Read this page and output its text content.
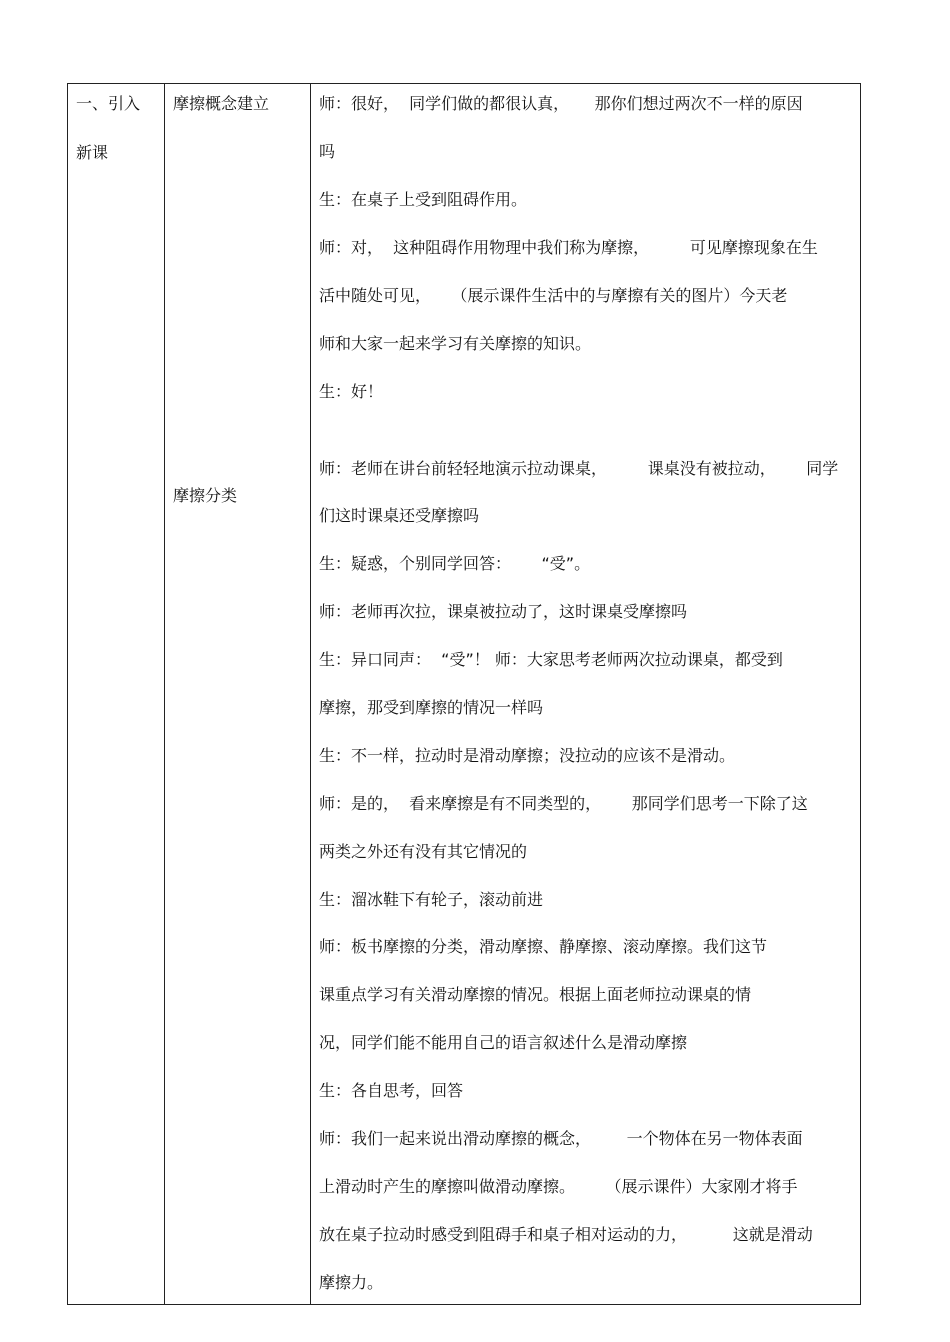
一、引入
新课
摩擦概念建立
摩擦分类
师：很好，  同学们做的都很认真，     那你们想过两次不一样的原因
吗
生：在桌子上受到阻碍作用。
师：对，  这种阻碍作用物理中我们称为摩擦，        可见摩擦现象在生
活中随处可见，    （展示课件生活中的与摩擦有关的图片）今天老
师和大家一起来学习有关摩擦的知识。
生：好！
师：老师在讲台前轻轻地演示拉动课桌，        课桌没有被拉动，      同学
们这时课桌还受摩擦吗
生：疑惑，个别同学回答：      “受”。
师：老师再次拉，课桌被拉动了，这时课桌受摩擦吗
生：异口同声：  “受”！ 师：大家思考老师两次拉动课桌，都受到
摩擦，那受到摩擦的情况一样吗
生：不一样，拉动时是滑动摩擦；没拉动的应该不是滑动。
师：是的，  看来摩擦是有不同类型的，      那同学们思考一下除了这
两类之外还有没有其它情况的
生：溜冰鞋下有轮子，滚动前进
师：板书摩擦的分类，滑动摩擦、静摩擦、滚动摩擦。我们这节
课重点学习有关滑动摩擦的情况。根据上面老师拉动课桌的情
况，同学们能不能用自己的语言叙述什么是滑动摩擦
生：各自思考，回答
师：我们一起来说出滑动摩擦的概念，       一个物体在另一物体表面
上滑动时产生的摩擦叫做滑动摩擦。      （展示课件）大家刚才将手
放在桌子拉动时感受到阻碍手和桌子相对运动的力，         这就是滑动
摩擦力。
